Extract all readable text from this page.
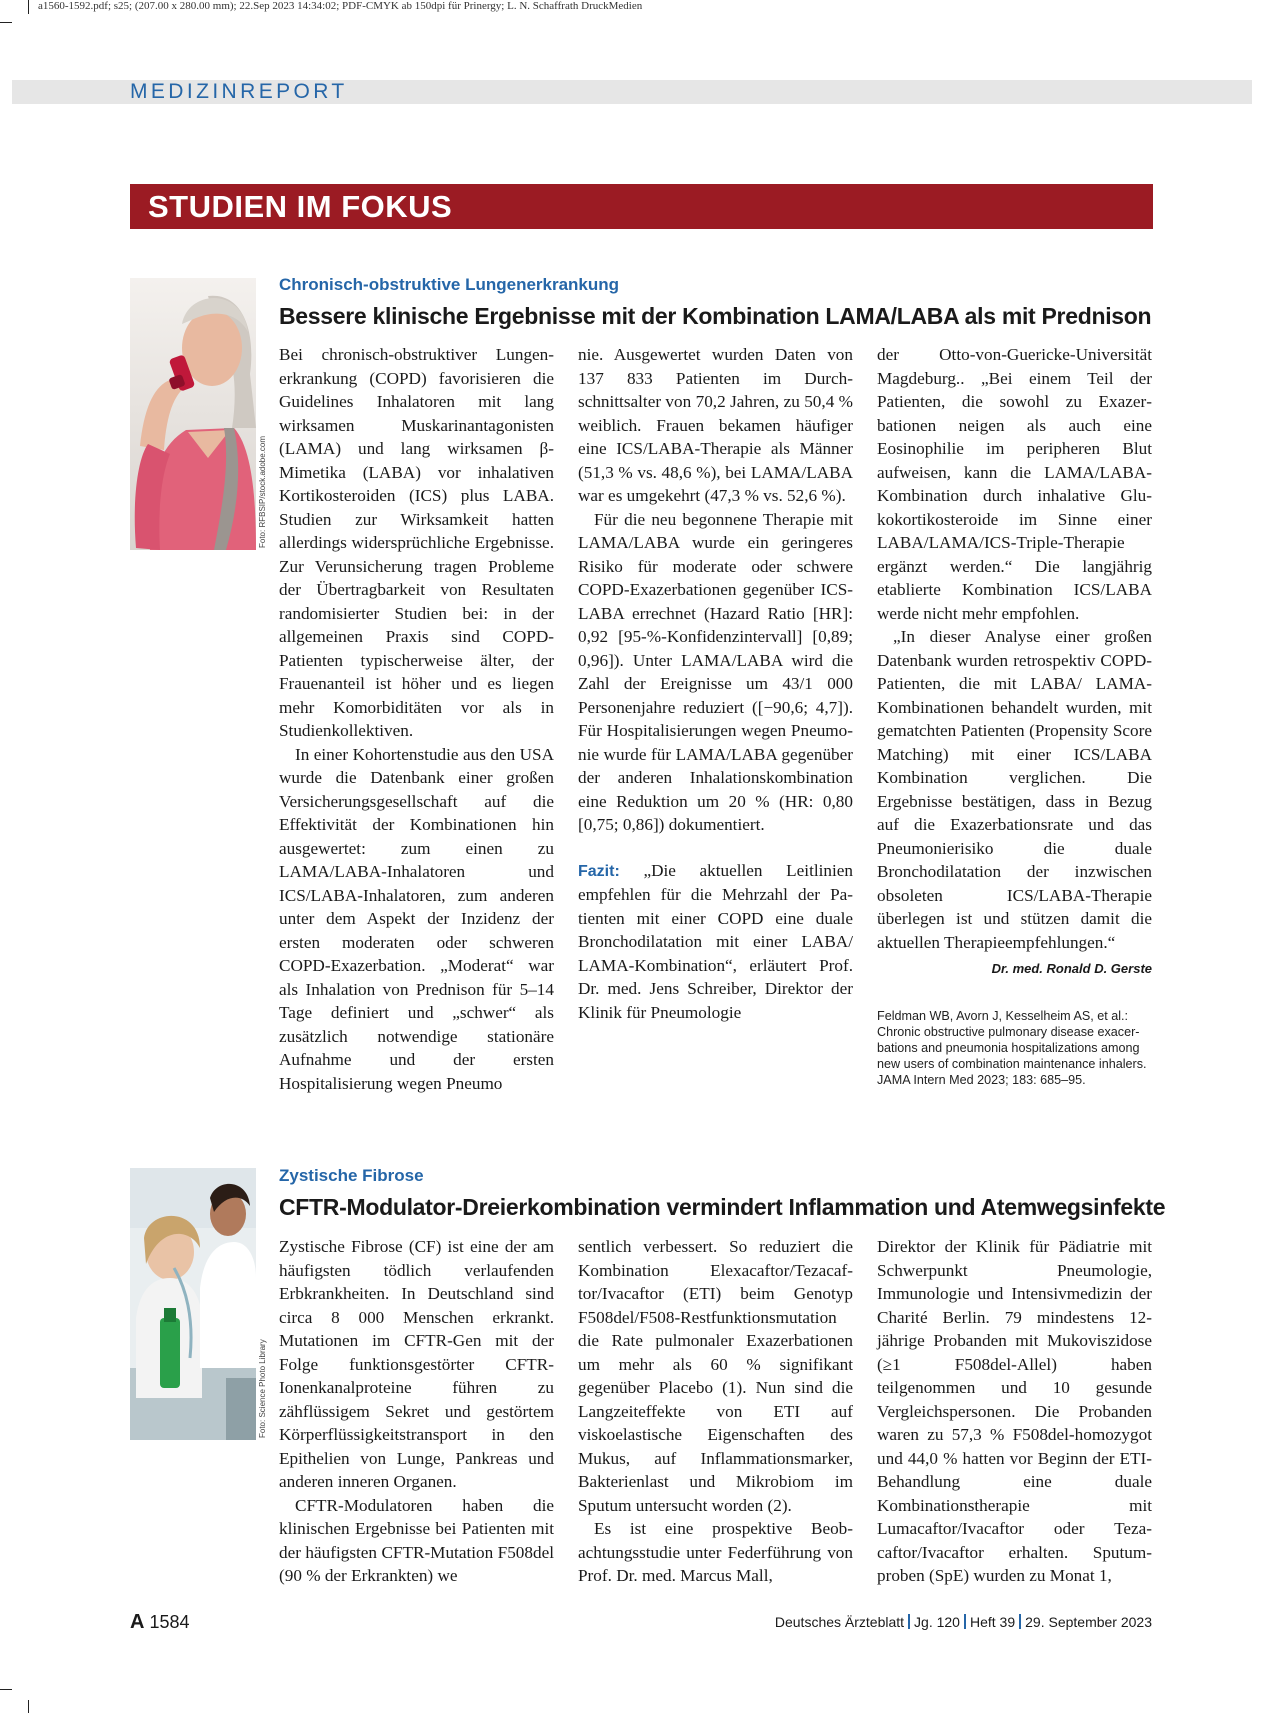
a1560-1592.pdf; s25; (207.00 x 280.00 mm); 22.Sep 2023 14:34:02; PDF-CMYK ab 150dpi für Prinergy; L. N. Schaffrath DruckMedien
MEDIZINREPORT
STUDIEN IM FOKUS
Foto: RFBSIP/stock.adobe.com
Chronisch-obstruktive Lungenerkrankung
Bessere klinische Ergebnisse mit der Kombination LAMA/LABA als mit Prednison

Bei chronisch-obstruktiver Lungenerkrankung (COPD) favorisieren die Guidelines Inhalatoren mit lang wirksamen Muskarinantagonisten (LAMA) und lang wirksamen β-Mimetika (LABA) vor inhalativen Kortikosteroiden (ICS) plus LABA. Studien zur Wirksamkeit hatten allerdings widersprüchliche Ergebnisse. Zur Verunsicherung tragen Probleme der Übertragbarkeit von Resultaten randomisierter Studien bei: in der allgemeinen Praxis sind COPD-Patienten typischerweise älter, der Frauenanteil ist höher und es liegen mehr Komorbiditäten vor als in Studienkollektiven.

In einer Kohortenstudie aus den USA wurde die Datenbank einer großen Versicherungsgesellschaft auf die Effektivität der Kombinationen hin ausgewertet: zum einen zu LAMA/LABA-Inhalatoren und ICS/LABA-Inhalatoren, zum anderen unter dem Aspekt der Inzidenz der ersten moderaten oder schweren COPD-Exazerbation. „Moderat“ war als Inhalation von Prednison für 5–14 Tage definiert und „schwer“ als zusätzlich notwendige stationäre Aufnahme und der ersten Hospitalisierung wegen Pneumo

nie. Ausgewertet wurden Daten von 137 833 Patienten im Durchschnittsalter von 70,2 Jahren, zu 50,4 % weiblich. Frauen bekamen häufiger eine ICS/LABA-Therapie als Männer (51,3 % vs. 48,6 %), bei LAMA/LABA war es umgekehrt (47,3 % vs. 52,6 %).

Für die neu begonnene Therapie mit LAMA/LABA wurde ein geringeres Risiko für moderate oder schwere COPD-Exazerbationen gegenüber ICS-LABA errechnet (Hazard Ratio [HR]: 0,92 [95-%-Konfidenzintervall] [0,89; 0,96]). Unter LAMA/LABA wird die Zahl der Ereignisse um 43/1 000 Personenjahre reduziert ([−90,6; 4,7]). Für Hospitalisierungen wegen Pneumonie wurde für LAMA/LABA gegenüber der anderen Inhalationskombination eine Reduktion um 20 % (HR: 0,80 [0,75; 0,86]) dokumentiert.

Fazit: „Die aktuellen Leitlinien empfehlen für die Mehrzahl der Patienten mit einer COPD eine duale Bronchodilatation mit einer LABA/ LAMA-Kombination“, erläutert Prof. Dr. med. Jens Schreiber, Direktor der Klinik für Pneumologie

der Otto-von-Guericke-Universität Magdeburg.. „Bei einem Teil der Patienten, die sowohl zu Exazerbationen neigen als auch eine Eosinophilie im peripheren Blut aufweisen, kann die LAMA/LABA-Kombination durch inhalative Glukokortikosteroide im Sinne einer LABA/LAMA/ICS-Triple-Therapie ergänzt werden.“ Die langjährig etablierte Kombination ICS/LABA werde nicht mehr empfohlen.

„In dieser Analyse einer großen Datenbank wurden retrospektiv COPD-Patienten, die mit LABA/ LAMA-Kombinationen behandelt wurden, mit gematchten Patienten (Propensity Score Matching) mit einer ICS/LABA Kombination verglichen. Die Ergebnisse bestätigen, dass in Bezug auf die Exazerbationsrate und das Pneumonierisiko die duale Bronchodilatation der inzwischen obsoleten ICS/LABA-Therapie überlegen ist und stützen damit die aktuellen Therapieempfehlungen.“
Dr. med. Ronald D. Gerste

Feldman WB, Avorn J, Kesselheim AS, et al.: Chronic obstructive pulmonary disease exacerbations and pneumonia hospitalizations among new users of combination maintenance inhalers. JAMA Intern Med 2023; 183: 685–95.
Foto: Science Photo Library
Zystische Fibrose
CFTR-Modulator-Dreierkombination vermindert Inflammation und Atemwegsinfekte

Zystische Fibrose (CF) ist eine der am häufigsten tödlich verlaufenden Erbkrankheiten. In Deutschland sind circa 8 000 Menschen erkrankt. Mutationen im CFTR-Gen mit der Folge funktionsgestörter CFTR-Ionenkanalproteine führen zu zähflüssigem Sekret und gestörtem Körperflüssigkeitstransport in den Epithelien von Lunge, Pankreas und anderen inneren Organen.

CFTR-Modulatoren haben die klinischen Ergebnisse bei Patienten mit der häufigsten CFTR-Mutation F508del (90 % der Erkrankten) we

sentlich verbessert. So reduziert die Kombination Elexacaftor/Tezacaftor/Ivacaftor (ETI) beim Genotyp F508del/F508-Restfunktionsmutation die Rate pulmonaler Exazerbationen um mehr als 60 % signifikant gegenüber Placebo (1). Nun sind die Langzeiteffekte von ETI auf viskoelastische Eigenschaften des Mukus, auf Inflammationsmarker, Bakterienlast und Mikrobiom im Sputum untersucht worden (2).

Es ist eine prospektive Beobachtungsstudie unter Federführung von Prof. Dr. med. Marcus Mall,

Direktor der Klinik für Pädiatrie mit Schwerpunkt Pneumologie, Immunologie und Intensivmedizin der Charité Berlin. 79 mindestens 12-jährige Probanden mit Mukoviszidose (≥1 F508del-Allel) haben teilgenommen und 10 gesunde Vergleichspersonen. Die Probanden waren zu 57,3 % F508del-homozygot und 44,0 % hatten vor Beginn der ETI-Behandlung eine duale Kombinationstherapie mit Lumacaftor/Ivacaftor oder Tezacaftor/Ivacaftor erhalten. Sputumproben (SpE) wurden zu Monat 1,

A 1584	Deutsches Ärzteblatt Jg. 120 Heft 39 29. September 2023
